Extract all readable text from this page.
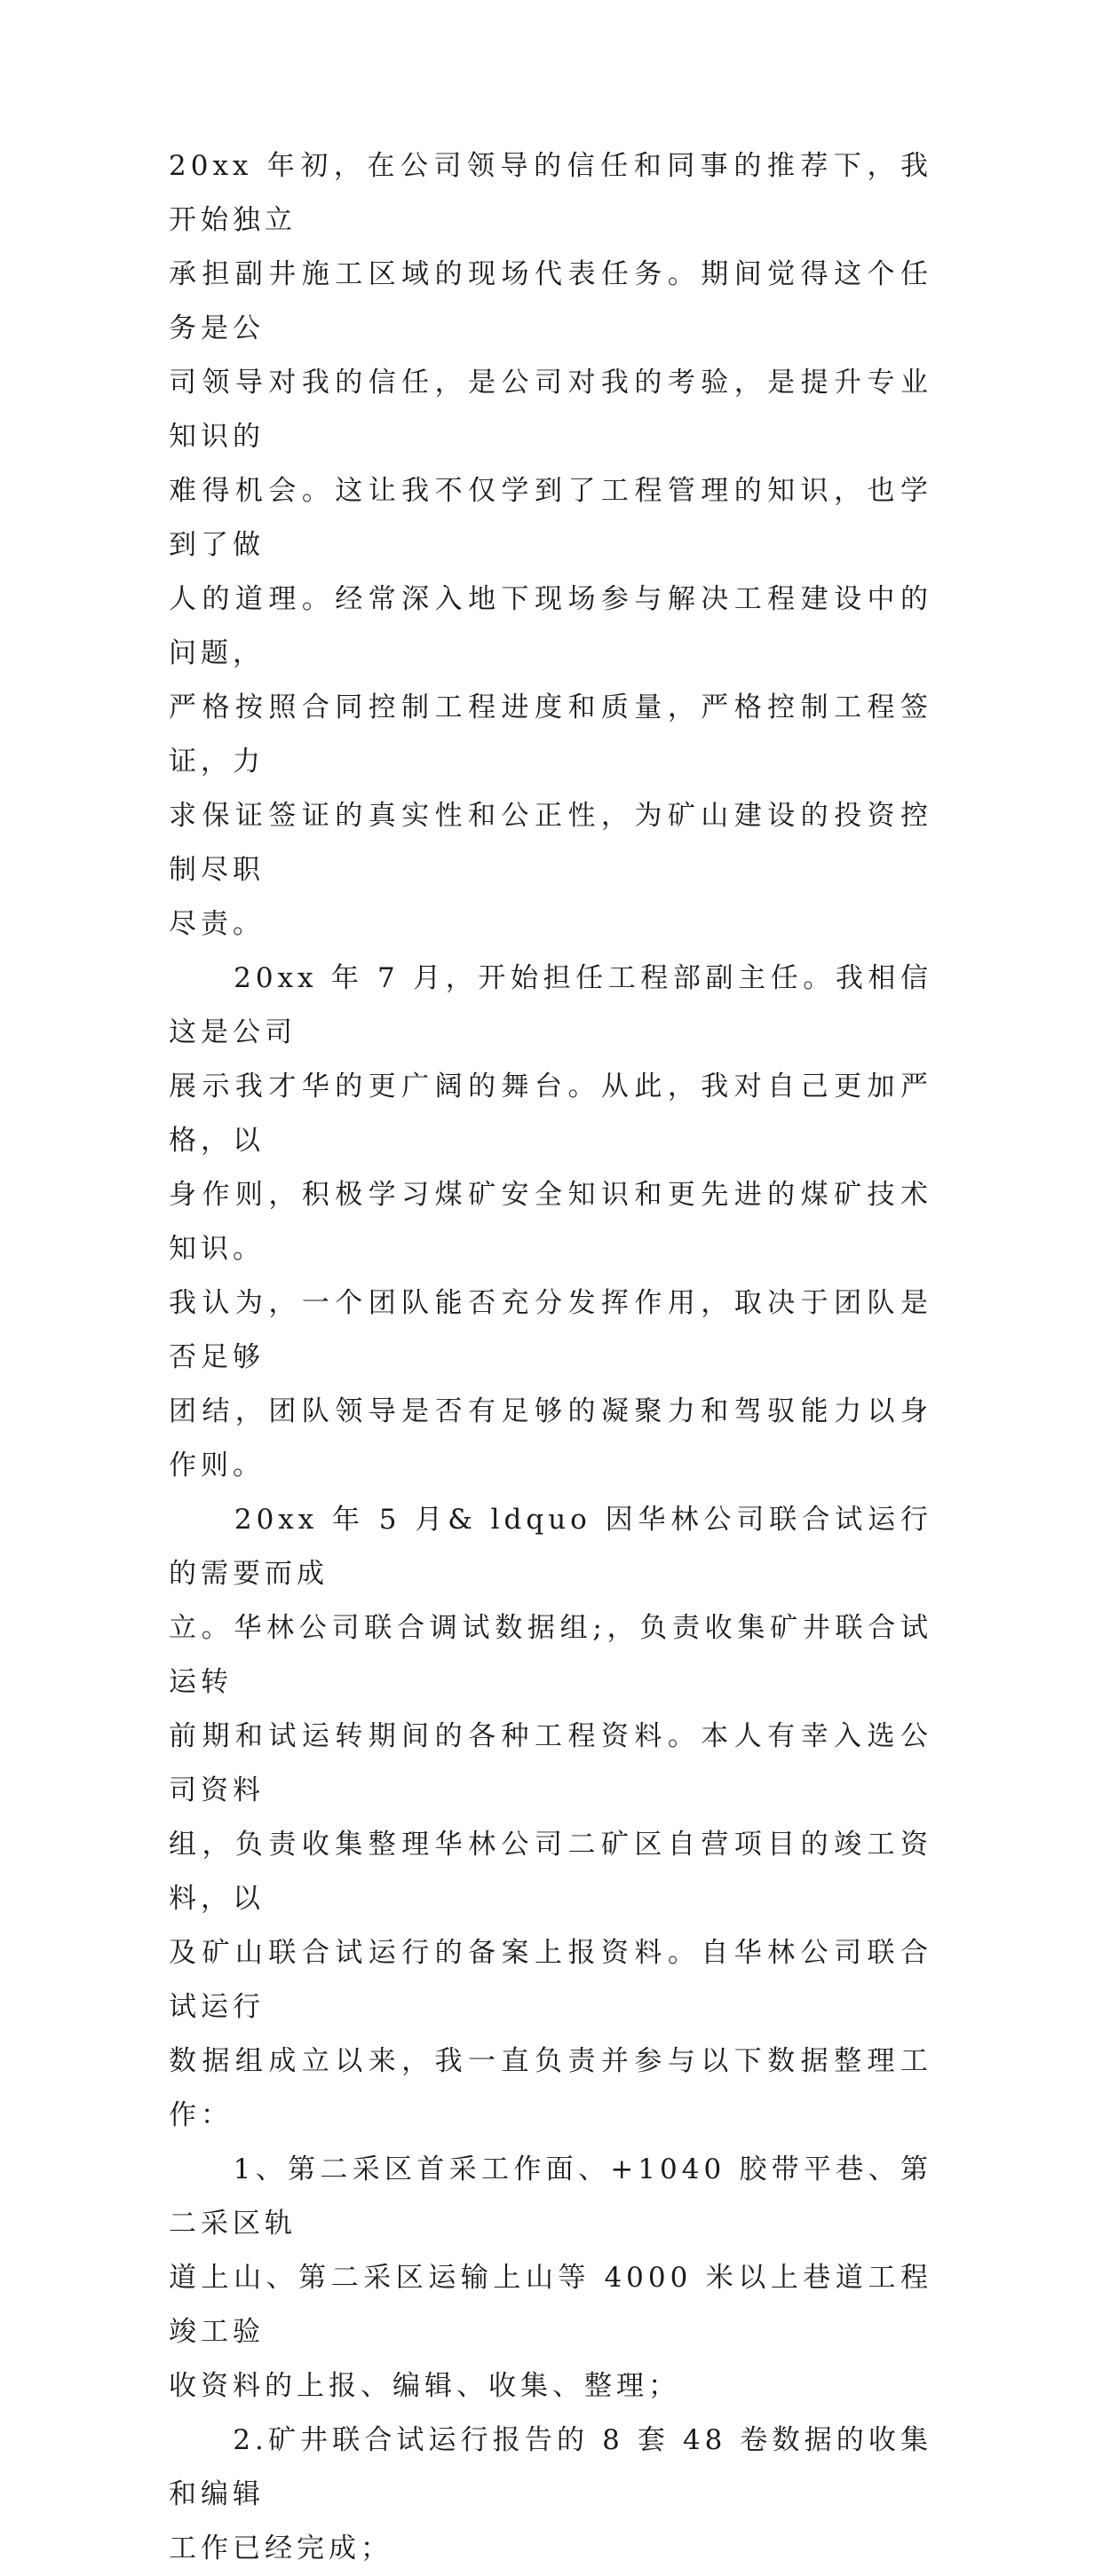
20xx 年初，在公司领导的信任和同事的推荐下，我开始独立
承担副井施工区域的现场代表任务。期间觉得这个任务是公
司领导对我的信任，是公司对我的考验，是提升专业知识的
难得机会。这让我不仅学到了工程管理的知识，也学到了做
人的道理。经常深入地下现场参与解决工程建设中的问题，
严格按照合同控制工程进度和质量，严格控制工程签证，力
求保证签证的真实性和公正性，为矿山建设的投资控制尽职
尽责。

　　20xx 年 7 月，开始担任工程部副主任。我相信这是公司
展示我才华的更广阔的舞台。从此，我对自己更加严格，以
身作则，积极学习煤矿安全知识和更先进的煤矿技术知识。
我认为，一个团队能否充分发挥作用，取决于团队是否足够
团结，团队领导是否有足够的凝聚力和驾驭能力以身作则。

　　20xx 年 5 月& ldquo 因华林公司联合试运行的需要而成
立。华林公司联合调试数据组;，负责收集矿井联合试运转
前期和试运转期间的各种工程资料。本人有幸入选公司资料
组，负责收集整理华林公司二矿区自营项目的竣工资料，以
及矿山联合试运行的备案上报资料。自华林公司联合试运行
数据组成立以来，我一直负责并参与以下数据整理工作：

　　1、第二采区首采工作面、+1040 胶带平巷、第二采区轨
道上山、第二采区运输上山等 4000 米以上巷道工程竣工验
收资料的上报、编辑、收集、整理；

　　2.矿井联合试运行报告的 8 套 48 卷数据的收集和编辑
工作已经完成；
